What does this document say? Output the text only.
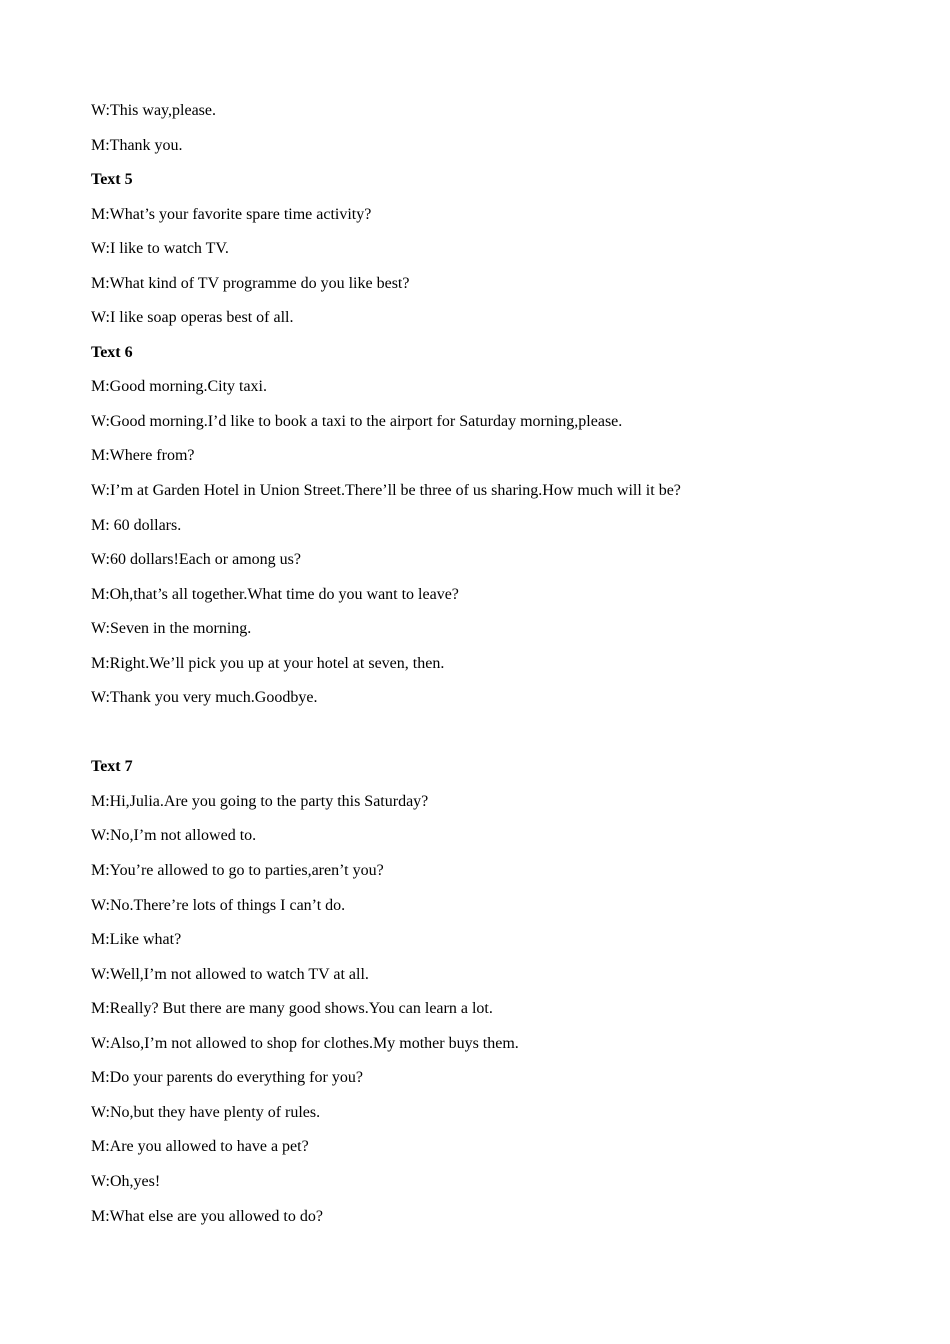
W:This way,please.
M:Thank you.
Text 5
M:What’s your favorite spare time activity?
W:I like to watch TV.
M:What kind of TV programme do you like best?
W:I like soap operas best of all.
Text 6
M:Good morning.City taxi.
W:Good morning.I’d like to book a taxi to the airport for Saturday morning,please.
M:Where from?
W:I’m at Garden Hotel in Union Street.There’ll be three of us sharing.How much will it be?
M: 60 dollars.
W:60 dollars!Each or among us?
M:Oh,that’s all together.What time do you want to leave?
W:Seven in the morning.
M:Right.We’ll pick you up at your hotel at seven, then.
W:Thank you very much.Goodbye.
Text 7
M:Hi,Julia.Are you going to the party this Saturday?
W:No,I’m not allowed to.
M:You’re allowed to go to parties,aren’t you?
W:No.There’re lots of things I can’t do.
M:Like what?
W:Well,I’m not allowed to watch TV at all.
M:Really? But there are many good shows.You can learn a lot.
W:Also,I’m not allowed to shop for clothes.My mother buys them.
M:Do your parents do everything for you?
W:No,but they have plenty of rules.
M:Are you allowed to have a pet?
W:Oh,yes!
M:What else are you allowed to do?
